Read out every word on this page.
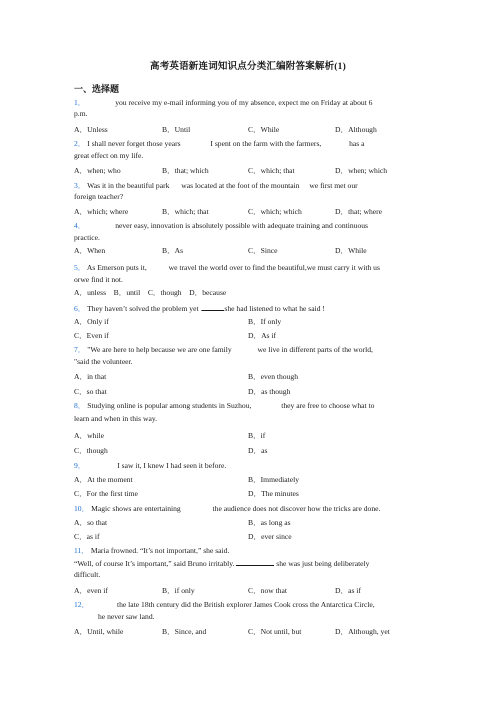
高考英语新连词知识点分类汇编附答案解析(1)
一、选择题
1．	you receive my e-mail informing you of my absence, expect me on Friday at about 6
p.m.
A．Unless	B．Until	C．While	D．Although
2． I shall never forget those years	I spent on the farm with the farmers,	has a
great effect on my life.
A．when; who	B．that; which	C．which; that	D．when; which
3． Was it in the beautiful park was located at the foot of the mountain we first met our
foreign teacher?
A．which; where	B．which; that	C．which; which	D．that; where
4．	never easy, innovation is absolutely possible with adequate training and continuous
practice.
A．When	B．As	C．Since	D．While
5． As Emerson puts it,	we travel the world over to find the beautiful,we must carry it with us
orwe find it not.
A．unless　B．until　C．though　D．because
6． They haven’t solved the problem yet .	she had listened to what he said !
A．Only if	B．If only
C．Even if	D．As if
7． "We are here to help because we are one family	we live in different parts of the world,
"said the volunteer.
A．in that	B．even though
C．so that	D．as though
8． Studying online is popular among students in Suzhou,	they are free to choose what to
learn and when in this way.
A．while	B．if
C．though	D．as
9．	I saw it, I knew I had seen it before.
A．At the moment	B．Immediately
C．For the first time	D．The minutes
10． Magic shows are entertaining	the audience does not discover how the tricks are done.
A．so that	B．as long as
C．as if	D．ever since
11． Maria frowned. “It’s not important,” she said.
“Well, of course It’s important,” said Bruno irritably.	she was just being deliberately
difficult.
A．even if	B．if only	C．now that	D．as if
12．	the late 18th century did the British explorer James Cook cross the Antarctica Circle,
he never saw land.
A．Until, while	B．Since, and	C．Not until, but	D．Although, yet
